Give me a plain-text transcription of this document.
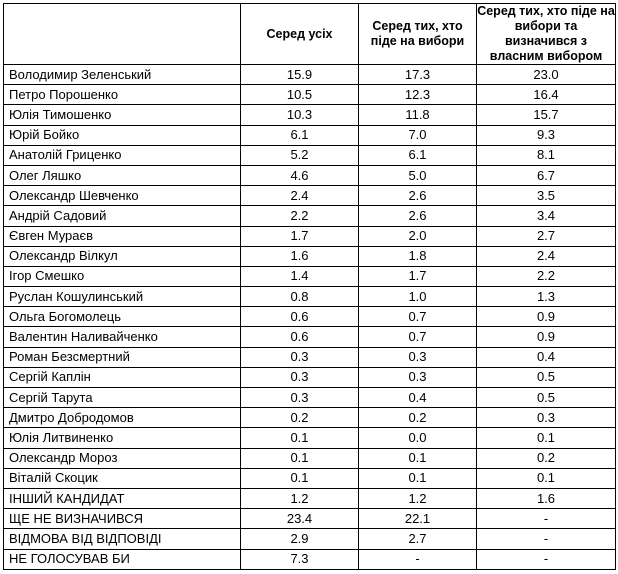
	Серед усіх	Серед тих, хто піде на вибори	Серед тих, хто піде на вибори та визначився з власним вибором
Володимир Зеленський	15.9	17.3	23.0
Петро Порошенко	10.5	12.3	16.4
Юлія Тимошенко	10.3	11.8	15.7
Юрій Бойко	6.1	7.0	9.3
Анатолій Гриценко	5.2	6.1	8.1
Олег Ляшко	4.6	5.0	6.7
Олександр Шевченко	2.4	2.6	3.5
Андрій Садовий	2.2	2.6	3.4
Євген Мураєв	1.7	2.0	2.7
Олександр Вілкул	1.6	1.8	2.4
Ігор Смешко	1.4	1.7	2.2
Руслан Кошулинський	0.8	1.0	1.3
Ольга Богомолець	0.6	0.7	0.9
Валентин Наливайченко	0.6	0.7	0.9
Роман Безсмертний	0.3	0.3	0.4
Сергій Каплін	0.3	0.3	0.5
Сергій Тарута	0.3	0.4	0.5
Дмитро Добродомов	0.2	0.2	0.3
Юлія Литвиненко	0.1	0.0	0.1
Олександр Мороз	0.1	0.1	0.2
Віталій Скоцик	0.1	0.1	0.1
ІНШИЙ КАНДИДАТ	1.2	1.2	1.6
ЩЕ НЕ ВИЗНАЧИВСЯ	23.4	22.1	-
ВІДМОВА ВІД ВІДПОВІДІ	2.9	2.7	-
НЕ ГОЛОСУВАВ БИ	7.3	-	-
